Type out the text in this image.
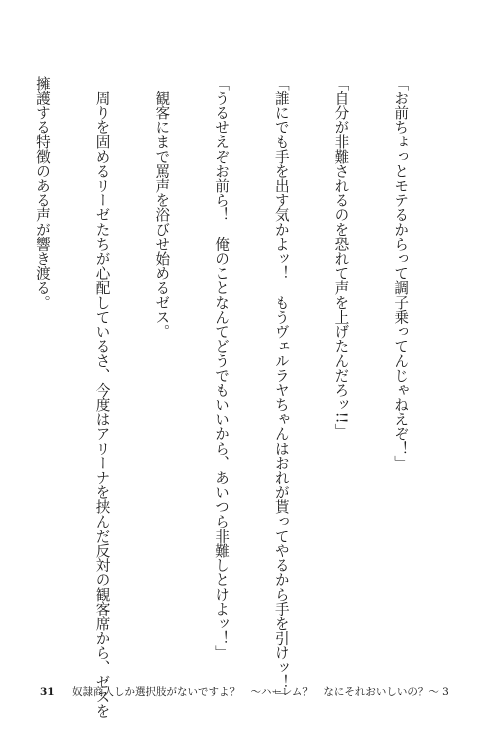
「お前ちょっとモテるからって調子乗ってんじゃねえぞ！」

「自分が非難されるのを恐れて声を上げたんだろッ!!」

「誰にでも手を出す気かよッ！　もうヴェルラヤちゃんはおれが貰ってやるから手を引けッ！」

「うるせえぞお前ら！　俺のことなんてどうでもいいから、あいつら非難しとけよッ！」

　観客にまで罵声を浴びせ始めるゼス。

　周りを固めるリーゼたちが心配しているさ、今度はアリーナを挟んだ反対の観客席から、ゼスを

擁護する特徴のある声が響き渡る。

31 奴隷商人しか選択肢がないですよ？　〜ハーレム？　なにそれおいしいの？〜 3
